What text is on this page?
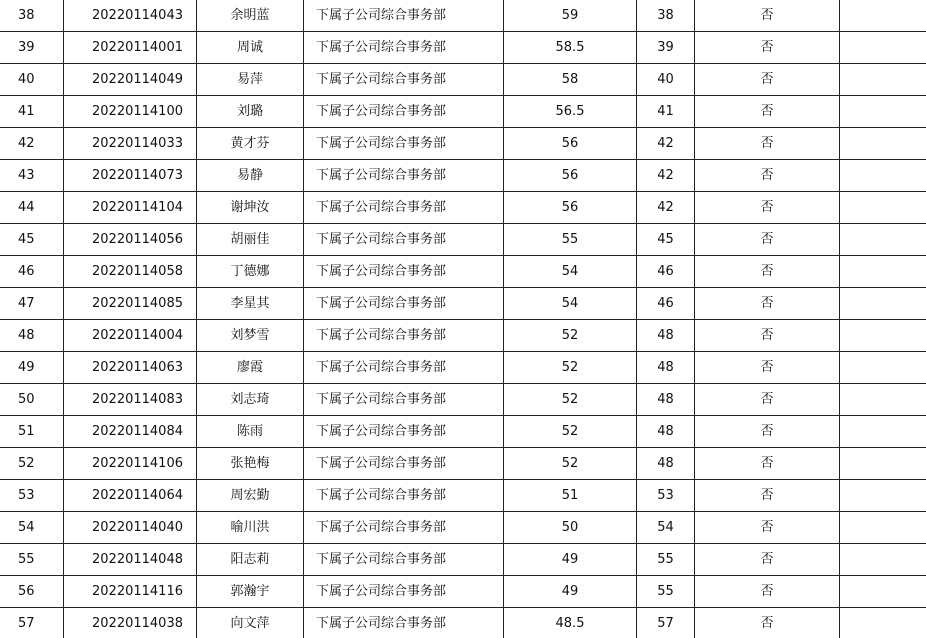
38	20220114043	余明蓝	下属子公司综合事务部	59	38	否	
39	20220114001	周诚	下属子公司综合事务部	58.5	39	否	
40	20220114049	易萍	下属子公司综合事务部	58	40	否	
41	20220114100	刘璐	下属子公司综合事务部	56.5	41	否	
42	20220114033	黄才芬	下属子公司综合事务部	56	42	否	
43	20220114073	易静	下属子公司综合事务部	56	42	否	
44	20220114104	谢坤汝	下属子公司综合事务部	56	42	否	
45	20220114056	胡丽佳	下属子公司综合事务部	55	45	否	
46	20220114058	丁德娜	下属子公司综合事务部	54	46	否	
47	20220114085	李星其	下属子公司综合事务部	54	46	否	
48	20220114004	刘梦雪	下属子公司综合事务部	52	48	否	
49	20220114063	廖霞	下属子公司综合事务部	52	48	否	
50	20220114083	刘志琦	下属子公司综合事务部	52	48	否	
51	20220114084	陈雨	下属子公司综合事务部	52	48	否	
52	20220114106	张艳梅	下属子公司综合事务部	52	48	否	
53	20220114064	周宏勤	下属子公司综合事务部	51	53	否	
54	20220114040	喻川洪	下属子公司综合事务部	50	54	否	
55	20220114048	阳志莉	下属子公司综合事务部	49	55	否	
56	20220114116	郭瀚宇	下属子公司综合事务部	49	55	否	
57	20220114038	向文萍	下属子公司综合事务部	48.5	57	否	
